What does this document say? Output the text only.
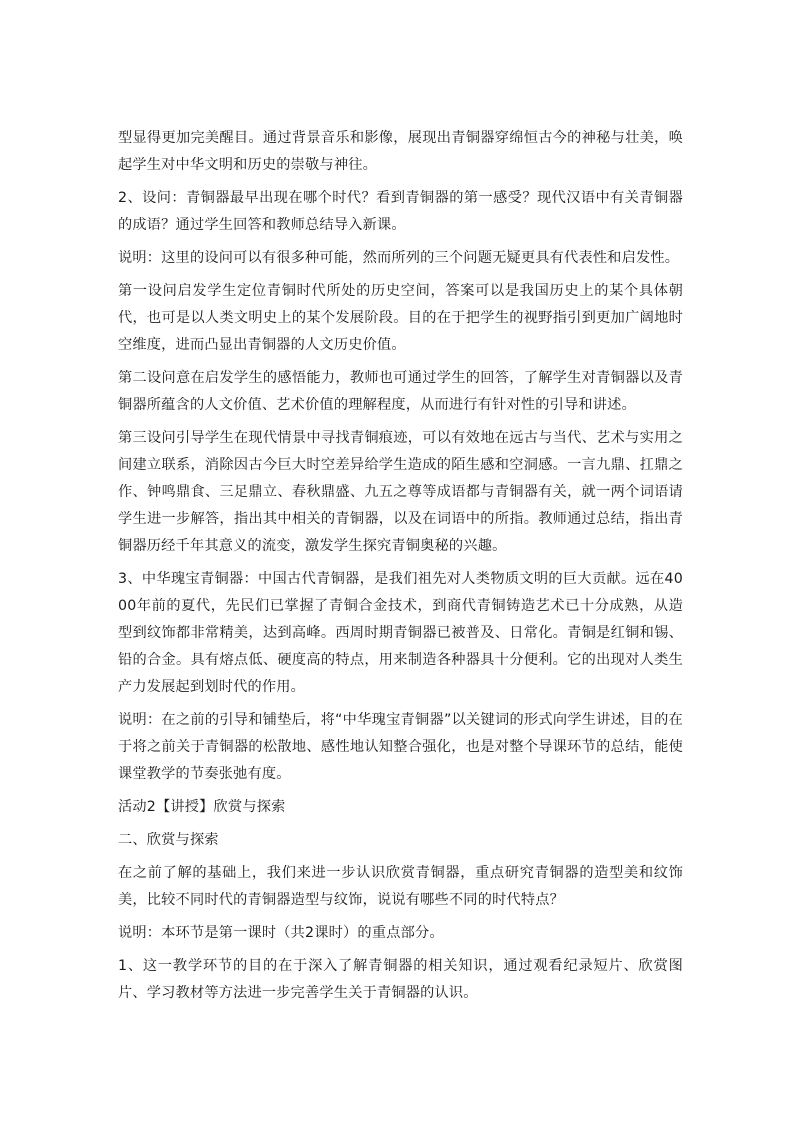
型显得更加完美醒目。通过背景音乐和影像，展现出青铜器穿绵恒古今的神秘与壮美，唤起学生对中华文明和历史的崇敬与神往。

2、设问：青铜器最早出现在哪个时代？看到青铜器的第一感受？现代汉语中有关青铜器的成语？通过学生回答和教师总结导入新课。

说明：这里的设问可以有很多种可能，然而所列的三个问题无疑更具有代表性和启发性。

第一设问启发学生定位青铜时代所处的历史空间，答案可以是我国历史上的某个具体朝代，也可是以人类文明史上的某个发展阶段。目的在于把学生的视野指引到更加广阔地时空维度，进而凸显出青铜器的人文历史价值。

第二设问意在启发学生的感悟能力，教师也可通过学生的回答，了解学生对青铜器以及青铜器所蕴含的人文价值、艺术价值的理解程度，从而进行有针对性的引导和讲述。

第三设问引导学生在现代情景中寻找青铜痕迹，可以有效地在远古与当代、艺术与实用之间建立联系，消除因古今巨大时空差异给学生造成的陌生感和空洞感。一言九鼎、扛鼎之作、钟鸣鼎食、三足鼎立、春秋鼎盛、九五之尊等成语都与青铜器有关，就一两个词语请学生进一步解答，指出其中相关的青铜器，以及在词语中的所指。教师通过总结，指出青铜器历经千年其意义的流变，激发学生探究青铜奥秘的兴趣。

3、中华瑰宝青铜器：中国古代青铜器，是我们祖先对人类物质文明的巨大贡献。远在4000年前的夏代，先民们已掌握了青铜合金技术，到商代青铜铸造艺术已十分成熟，从造型到纹饰都非常精美，达到高峰。西周时期青铜器已被普及、日常化。青铜是红铜和锡、铅的合金。具有熔点低、硬度高的特点，用来制造各种器具十分便利。它的出现对人类生产力发展起到划时代的作用。

说明：在之前的引导和铺垫后，将“中华瑰宝青铜器”以关键词的形式向学生讲述，目的在于将之前关于青铜器的松散地、感性地认知整合强化，也是对整个导课环节的总结，能使课堂教学的节奏张弛有度。

活动2【讲授】欣赏与探索

二、欣赏与探索

在之前了解的基础上，我们来进一步认识欣赏青铜器，重点研究青铜器的造型美和纹饰美，比较不同时代的青铜器造型与纹饰，说说有哪些不同的时代特点？

说明：本环节是第一课时（共2课时）的重点部分。

1、这一教学环节的目的在于深入了解青铜器的相关知识，通过观看纪录短片、欣赏图片、学习教材等方法进一步完善学生关于青铜器的认识。
